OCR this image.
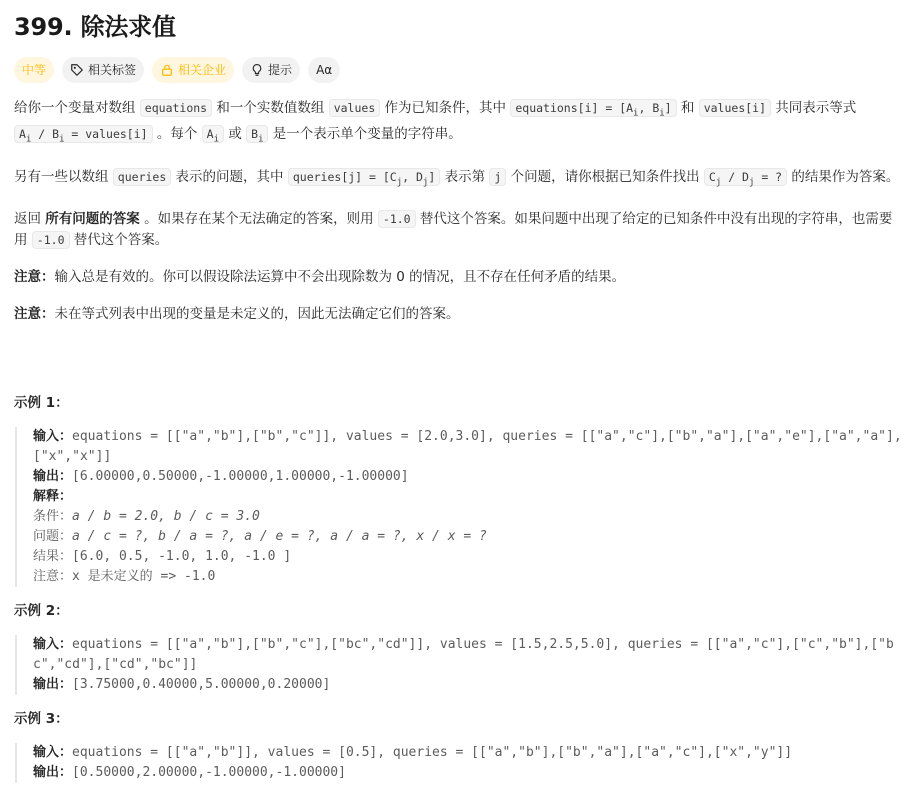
399. 除法求值
中等	相关标签	相关企业	提示 Aα

给你一个变量对数组 equations 和一个实数值数组 values 作为已知条件，其中 equations[i] = [$A_i$, $B_i$] 和 values[i] 共同表示等式 $A_i / B_i$ = values[i] 。每个 $A_i$ 或 $B_i$ 是一个表示单个变量的字符串。

另有一些以数组 queries 表示的问题，其中 queries[j] = [$C_j$, $D_j$] 表示第 j 个问题，请你根据已知条件找出 $C_j / D_j$ = ? 的结果作为答案。

返回 所有问题的答案 。如果存在某个无法确定的答案，则用 -1.0 替代这个答案。如果问题中出现了给定的已知条件中没有出现的字符串，也需要用 -1.0 替代这个答案。

注意：输入总是有效的。你可以假设除法运算中不会出现除数为 0 的情况，且不存在任何矛盾的结果。

注意：未在等式列表中出现的变量是未定义的，因此无法确定它们的答案。

示例 1：
输入：equations = [["a","b"],["b","c"]], values = [2.0,3.0], queries = [["a","c"],["b","a"],["a","e"],["a","a"],["x","x"]]
输出：[6.00000,0.50000,-1.00000,1.00000,-1.00000]
解释：
条件：a / b = 2.0, b / c = 3.0
问题：a / c = ?, b / a = ?, a / e = ?, a / a = ?, x / x = ?
结果：[6.0, 0.5, -1.0, 1.0, -1.0 ]
注意：x 是未定义的 => -1.0
示例 2：
输入：equations = [["a","b"],["b","c"],["bc","cd"]], values = [1.5,2.5,5.0], queries = [["a","c"],["c","b"],["bc","cd"],["cd","bc"]]
输出：[3.75000,0.40000,5.00000,0.20000]
示例 3：
输入：equations = [["a","b"]], values = [0.5], queries = [["a","b"],["b","a"],["a","c"],["x","y"]]
输出：[0.50000,2.00000,-1.00000,-1.00000]
